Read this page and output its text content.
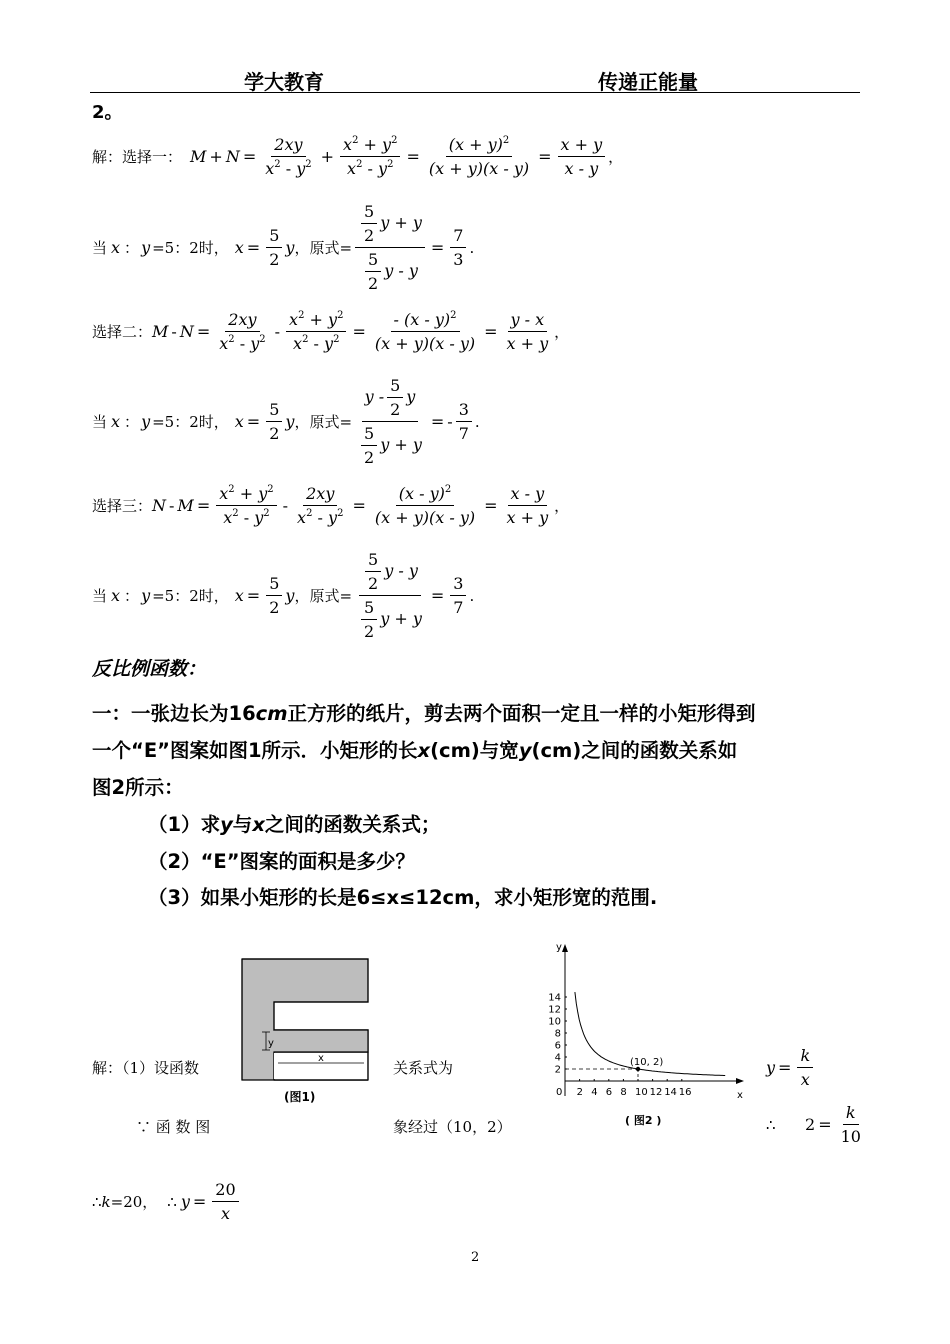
学大教育	传递正能量
2。
解：选择一： $M + N = \frac{2xy}{x^2 - y^2} + \frac{x^2 + y^2}{x^2 - y^2} = \frac{(x + y)^2}{(x + y)(x - y)} = \frac{x + y}{x - y}$ ，
当 x ： y =5：2时， $x = \frac{5}{2}$ y ， 原式= $\frac{\frac{5}{2} y + y}{\frac{5}{2} y - y} = \frac{7}{3}$ .
选择二： $M - N = \frac{2xy}{x^2 - y^2} - \frac{x^2 + y^2}{x^2 - y^2} = \frac{- (x - y)^2}{(x + y)(x - y)} = \frac{y - x}{x + y}$ ，
当 x ： y =5：2时， $x = \frac{5}{2}$ y ， 原式= $\frac{y - \frac{5}{2} y}{\frac{5}{2} y + y}$ = - $\frac{3}{7}$ .
选择三： $N - M = \frac{x^2 + y^2}{x^2 - y^2} - \frac{2xy}{x^2 - y^2} = \frac{(x - y)^2}{(x + y)(x - y)} = \frac{x - y}{x + y}$ ，
当 x ： y =5：2时， $x = \frac{5}{2}$ y ， 原式= $\frac{\frac{5}{2} y - y}{\frac{5}{2} y + y} = \frac{3}{7}$ .
反比例函数：
一：一张边长为16cm正方形的纸片，剪去两个面积一定且一样的小矩形得到
一个“E”图案如图1所示．小矩形的长x(cm)与宽y(cm)之间的函数关系如
图2所示：
（1）求y与x之间的函数关系式；
（2）“E”图案的面积是多少？
（3）如果小矩形的长是6≤x≤12cm，求小矩形宽的范围.
y
x
(图1)
(10, 2)
y
x
0 2 4 6 8 10 12 14 16
2
4
6
8
10
12
14
( 图2 )
解：（1）设函数	关系式为	$y = \frac{k}{x}$
∵ 函 数 图	象经过（10，2）	∴ $2 = \frac{k}{10}$
∴ k =20， ∴ $y = \frac{20}{x}$
2
